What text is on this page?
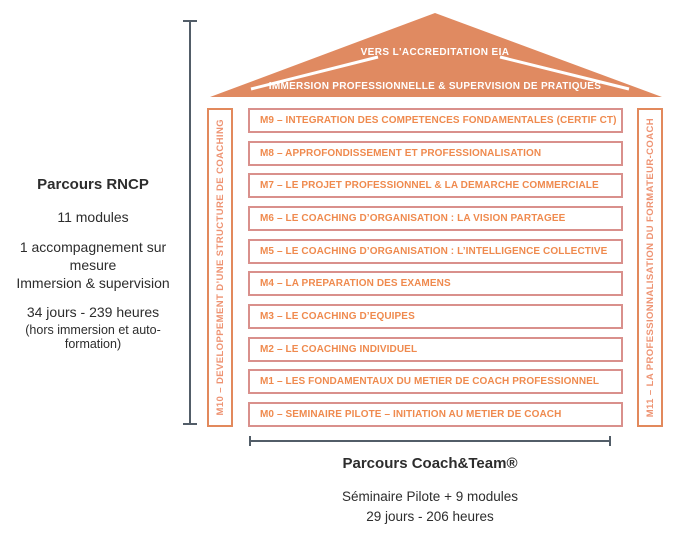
VERS L'ACCREDITATION EIA
IMMERSION PROFESSIONNELLE & SUPERVISION DE PRATIQUES
M10 – DEVELOPPEMENT D’UNE STRUCTURE DE COACHING	M11 – LA PROFESSIONNALISATION DU FORMATEUR-COACH
M9 – INTEGRATION DES COMPETENCES FONDAMENTALES (CERTIF CT)
M8 – APPROFONDISSEMENT ET PROFESSIONALISATION
M7 – LE PROJET PROFESSIONNEL & LA DEMARCHE COMMERCIALE
M6 – LE COACHING D’ORGANISATION : LA VISION PARTAGEE
M5 – LE COACHING D’ORGANISATION : L’INTELLIGENCE COLLECTIVE
M4 – LA PREPARATION DES EXAMENS
M3 – LE COACHING D’EQUIPES
M2 – LE COACHING INDIVIDUEL
M1 – LES FONDAMENTAUX DU METIER DE COACH PROFESSIONNEL
M0 – SEMINAIRE PILOTE – INITIATION AU METIER DE COACH
Parcours RNCP
11 modules
1 accompagnement sur mesure
Immersion & supervision
34 jours - 239 heures
(hors immersion et auto-formation)
Parcours Coach&Team®
Séminaire Pilote + 9 modules
29 jours - 206 heures
